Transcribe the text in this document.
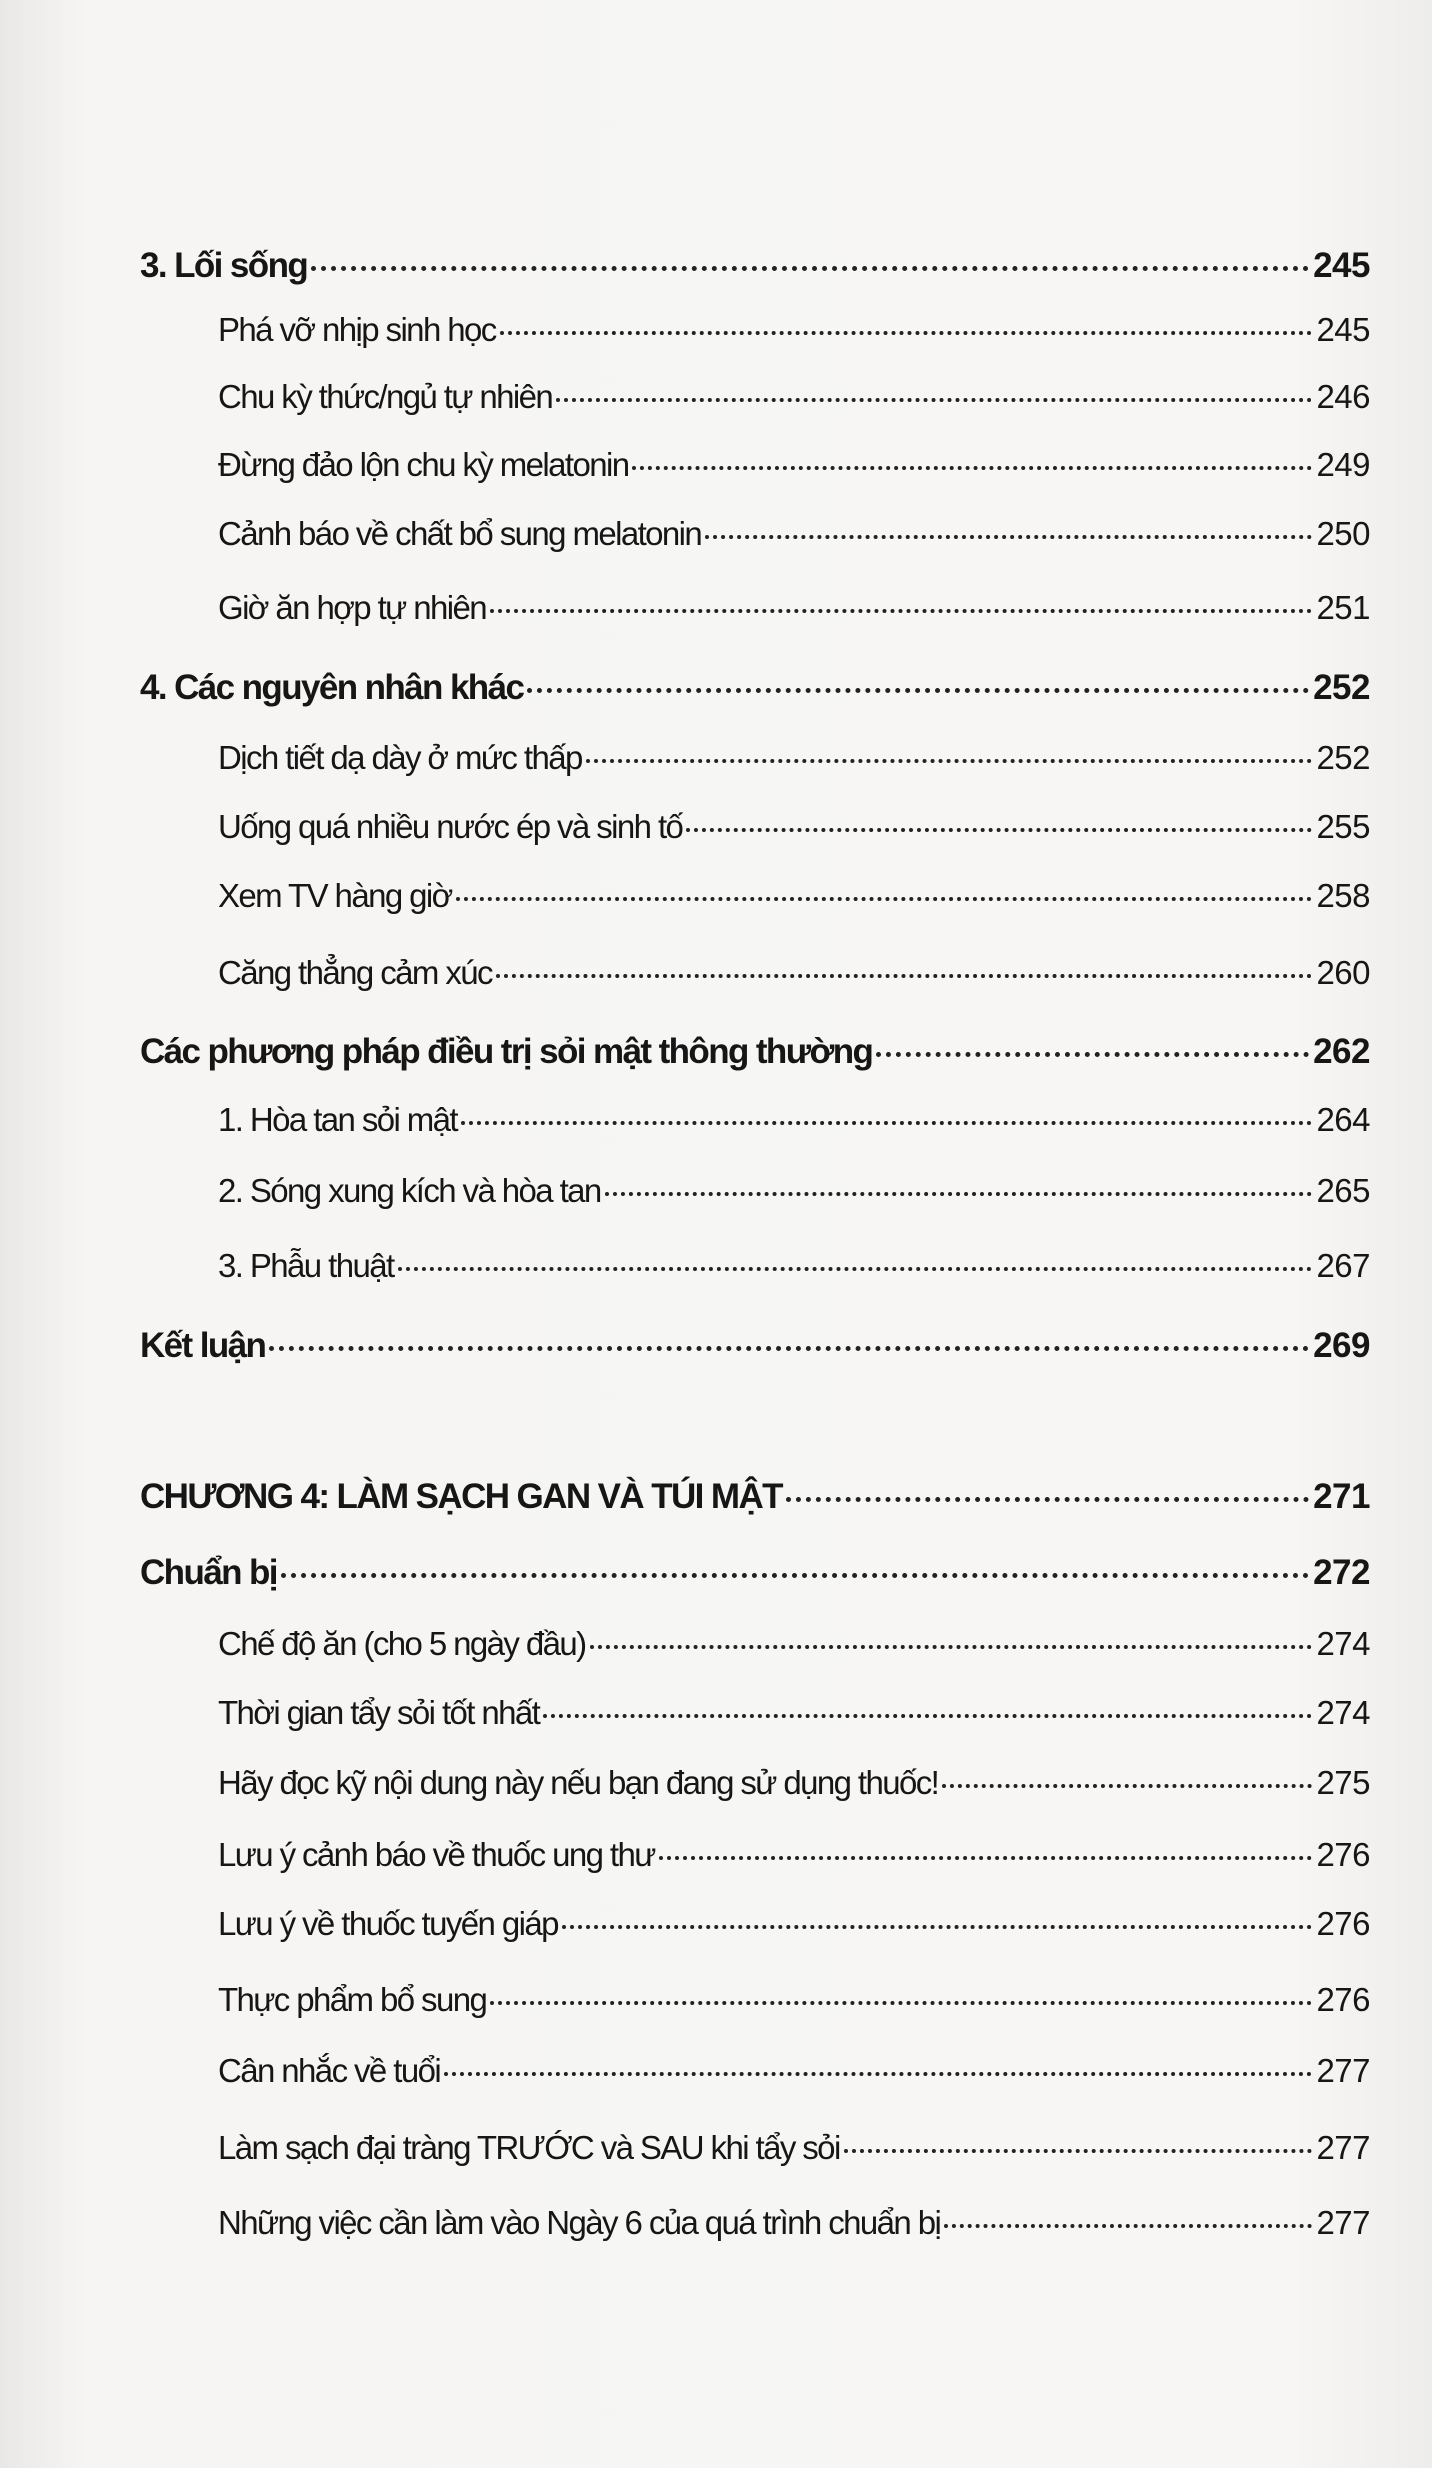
3. Lối sống	245
Phá vỡ nhịp sinh học	245
Chu kỳ thức/ngủ tự nhiên	246
Đừng đảo lộn chu kỳ melatonin	249
Cảnh báo về chất bổ sung melatonin	250
Giờ ăn hợp tự nhiên	251
4. Các nguyên nhân khác	252
Dịch tiết dạ dày ở mức thấp	252
Uống quá nhiều nước ép và sinh tố	255
Xem TV hàng giờ	258
Căng thẳng cảm xúc	260
Các phương pháp điều trị sỏi mật thông thường	262
1. Hòa tan sỏi mật	264
2. Sóng xung kích và hòa tan	265
3. Phẫu thuật	267
Kết luận	269
CHƯƠNG 4: LÀM SẠCH GAN VÀ TÚI MẬT	271
Chuẩn bị	272
Chế độ ăn (cho 5 ngày đầu)	274
Thời gian tẩy sỏi tốt nhất	274
Hãy đọc kỹ nội dung này nếu bạn đang sử dụng thuốc!	275
Lưu ý cảnh báo về thuốc ung thư	276
Lưu ý về thuốc tuyến giáp	276
Thực phẩm bổ sung	276
Cân nhắc về tuổi	277
Làm sạch đại tràng TRƯỚC và SAU khi tẩy sỏi	277
Những việc cần làm vào Ngày 6 của quá trình chuẩn bị	277
